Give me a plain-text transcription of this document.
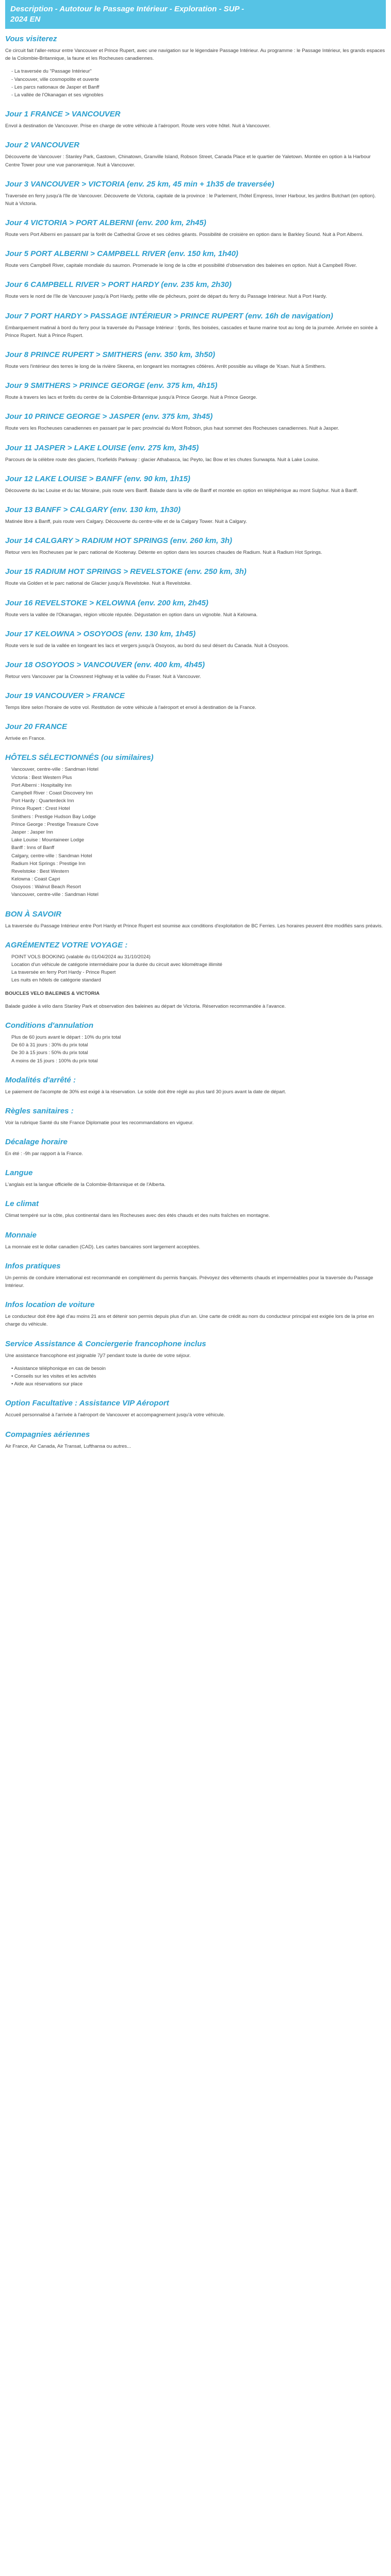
Description - Autotour le Passage Intérieur - Exploration - SUP -
2024 EN
Vous visiterez

Ce circuit fait l'aller-retour entre Vancouver et Prince Rupert, avec une navigation sur le légendaire Passage Intérieur. Au programme : le Passage Intérieur, les grands espaces de la Colombie-Britannique, la faune et les Rocheuses canadiennes.

- La traversée du "Passage Intérieur"
- Vancouver, ville cosmopolite et ouverte
- Les parcs nationaux de Jasper et Banff
- La vallée de l'Okanagan et ses vignobles
Jour 1 FRANCE > VANCOUVER

Envol à destination de Vancouver. Prise en charge de votre véhicule à l'aéroport. Route vers votre hôtel. Nuit à Vancouver.

Jour 2 VANCOUVER

Découverte de Vancouver : Stanley Park, Gastown, Chinatown, Granville Island, Robson Street, Canada Place et le quartier de Yaletown. Montée en option à la Harbour Centre Tower pour une vue panoramique. Nuit à Vancouver.

Jour 3 VANCOUVER > VICTORIA (env. 25 km, 45 min + 1h35 de traversée)

Traversée en ferry jusqu'à l'île de Vancouver. Découverte de Victoria, capitale de la province : le Parlement, l'hôtel Empress, Inner Harbour, les jardins Butchart (en option). Nuit à Victoria.

Jour 4 VICTORIA > PORT ALBERNI (env. 200 km, 2h45)

Route vers Port Alberni en passant par la forêt de Cathedral Grove et ses cèdres géants. Possibilité de croisière en option dans le Barkley Sound. Nuit à Port Alberni.

Jour 5 PORT ALBERNI > CAMPBELL RIVER (env. 150 km, 1h40)

Route vers Campbell River, capitale mondiale du saumon. Promenade le long de la côte et possibilité d'observation des baleines en option. Nuit à Campbell River.

Jour 6 CAMPBELL RIVER > PORT HARDY (env. 235 km, 2h30)

Route vers le nord de l'île de Vancouver jusqu'à Port Hardy, petite ville de pêcheurs, point de départ du ferry du Passage Intérieur. Nuit à Port Hardy.

Jour 7 PORT HARDY > PASSAGE INTÉRIEUR > PRINCE RUPERT (env. 16h de navigation)

Embarquement matinal à bord du ferry pour la traversée du Passage Intérieur : fjords, îles boisées, cascades et faune marine tout au long de la journée. Arrivée en soirée à Prince Rupert. Nuit à Prince Rupert.

Jour 8 PRINCE RUPERT > SMITHERS (env. 350 km, 3h50)

Route vers l'intérieur des terres le long de la rivière Skeena, en longeant les montagnes côtières. Arrêt possible au village de 'Ksan. Nuit à Smithers.

Jour 9 SMITHERS > PRINCE GEORGE (env. 375 km, 4h15)

Route à travers les lacs et forêts du centre de la Colombie-Britannique jusqu'à Prince George. Nuit à Prince George.

Jour 10 PRINCE GEORGE > JASPER (env. 375 km, 3h45)

Route vers les Rocheuses canadiennes en passant par le parc provincial du Mont Robson, plus haut sommet des Rocheuses canadiennes. Nuit à Jasper.

Jour 11 JASPER > LAKE LOUISE (env. 275 km, 3h45)

Parcours de la célèbre route des glaciers, l'Icefields Parkway : glacier Athabasca, lac Peyto, lac Bow et les chutes Sunwapta. Nuit à Lake Louise.

Jour 12 LAKE LOUISE > BANFF (env. 90 km, 1h15)

Découverte du lac Louise et du lac Moraine, puis route vers Banff. Balade dans la ville de Banff et montée en option en téléphérique au mont Sulphur. Nuit à Banff.

Jour 13 BANFF > CALGARY (env. 130 km, 1h30)

Matinée libre à Banff, puis route vers Calgary. Découverte du centre-ville et de la Calgary Tower. Nuit à Calgary.

Jour 14 CALGARY > RADIUM HOT SPRINGS (env. 260 km, 3h)

Retour vers les Rocheuses par le parc national de Kootenay. Détente en option dans les sources chaudes de Radium. Nuit à Radium Hot Springs.

Jour 15 RADIUM HOT SPRINGS > REVELSTOKE (env. 250 km, 3h)

Route via Golden et le parc national de Glacier jusqu'à Revelstoke. Nuit à Revelstoke.

Jour 16 REVELSTOKE > KELOWNA (env. 200 km, 2h45)

Route vers la vallée de l'Okanagan, région viticole réputée. Dégustation en option dans un vignoble. Nuit à Kelowna.

Jour 17 KELOWNA > OSOYOOS (env. 130 km, 1h45)

Route vers le sud de la vallée en longeant les lacs et vergers jusqu'à Osoyoos, au bord du seul désert du Canada. Nuit à Osoyoos.

Jour 18 OSOYOOS > VANCOUVER (env. 400 km, 4h45)

Retour vers Vancouver par la Crowsnest Highway et la vallée du Fraser. Nuit à Vancouver.

Jour 19 VANCOUVER > FRANCE

Temps libre selon l'horaire de votre vol. Restitution de votre véhicule à l'aéroport et envol à destination de la France.

Jour 20 FRANCE

Arrivée en France.

HÔTELS SÉLECTIONNÉS (ou similaires)
Vancouver, centre-ville : Sandman Hotel
Victoria : Best Western Plus
Port Alberni : Hospitality Inn
Campbell River : Coast Discovery Inn
Port Hardy : Quarterdeck Inn
Prince Rupert : Crest Hotel
Smithers : Prestige Hudson Bay Lodge
Prince George : Prestige Treasure Cove
Jasper : Jasper Inn
Lake Louise : Mountaineer Lodge
Banff : Inns of Banff
Calgary, centre-ville : Sandman Hotel
Radium Hot Springs : Prestige Inn
Revelstoke : Best Western
Kelowna : Coast Capri
Osoyoos : Walnut Beach Resort
Vancouver, centre-ville : Sandman Hotel
BON À SAVOIR

La traversée du Passage Intérieur entre Port Hardy et Prince Rupert est soumise aux conditions d'exploitation de BC Ferries. Les horaires peuvent être modifiés sans préavis.

AGRÉMENTEZ VOTRE VOYAGE :
POINT VOLS BOOKING (valable du 01/04/2024 au 31/10/2024)
Location d'un véhicule de catégorie intermédiaire pour la durée du circuit avec kilométrage illimité
La traversée en ferry Port Hardy - Prince Rupert
Les nuits en hôtels de catégorie standard

BOUCLES VELO BALEINES & VICTORIA

Balade guidée à vélo dans Stanley Park et observation des baleines au départ de Victoria. Réservation recommandée à l'avance.

Conditions d'annulation
Plus de 60 jours avant le départ : 10% du prix total
De 60 à 31 jours : 30% du prix total
De 30 à 15 jours : 50% du prix total
A moins de 15 jours : 100% du prix total
Modalités d'arrêté :

Le paiement de l'acompte de 30% est exigé à la réservation. Le solde doit être réglé au plus tard 30 jours avant la date de départ.

Règles sanitaires :

Voir la rubrique Santé du site France Diplomatie pour les recommandations en vigueur.

Décalage horaire

En été : -9h par rapport à la France.

Langue

L'anglais est la langue officielle de la Colombie-Britannique et de l'Alberta.

Le climat

Climat tempéré sur la côte, plus continental dans les Rocheuses avec des étés chauds et des nuits fraîches en montagne.

Monnaie

La monnaie est le dollar canadien (CAD). Les cartes bancaires sont largement acceptées.

Infos pratiques

Un permis de conduire international est recommandé en complément du permis français. Prévoyez des vêtements chauds et imperméables pour la traversée du Passage Intérieur.

Infos location de voiture

Le conducteur doit être âgé d'au moins 21 ans et détenir son permis depuis plus d'un an. Une carte de crédit au nom du conducteur principal est exigée lors de la prise en charge du véhicule.

Service Assistance & Conciergerie francophone inclus

Une assistance francophone est joignable 7j/7 pendant toute la durée de votre séjour.

• Assistance téléphonique en cas de besoin
• Conseils sur les visites et les activités
• Aide aux réservations sur place
Option Facultative : Assistance VIP Aéroport

Accueil personnalisé à l'arrivée à l'aéroport de Vancouver et accompagnement jusqu'à votre véhicule.

Compagnies aériennes

Air France, Air Canada, Air Transat, Lufthansa ou autres...
